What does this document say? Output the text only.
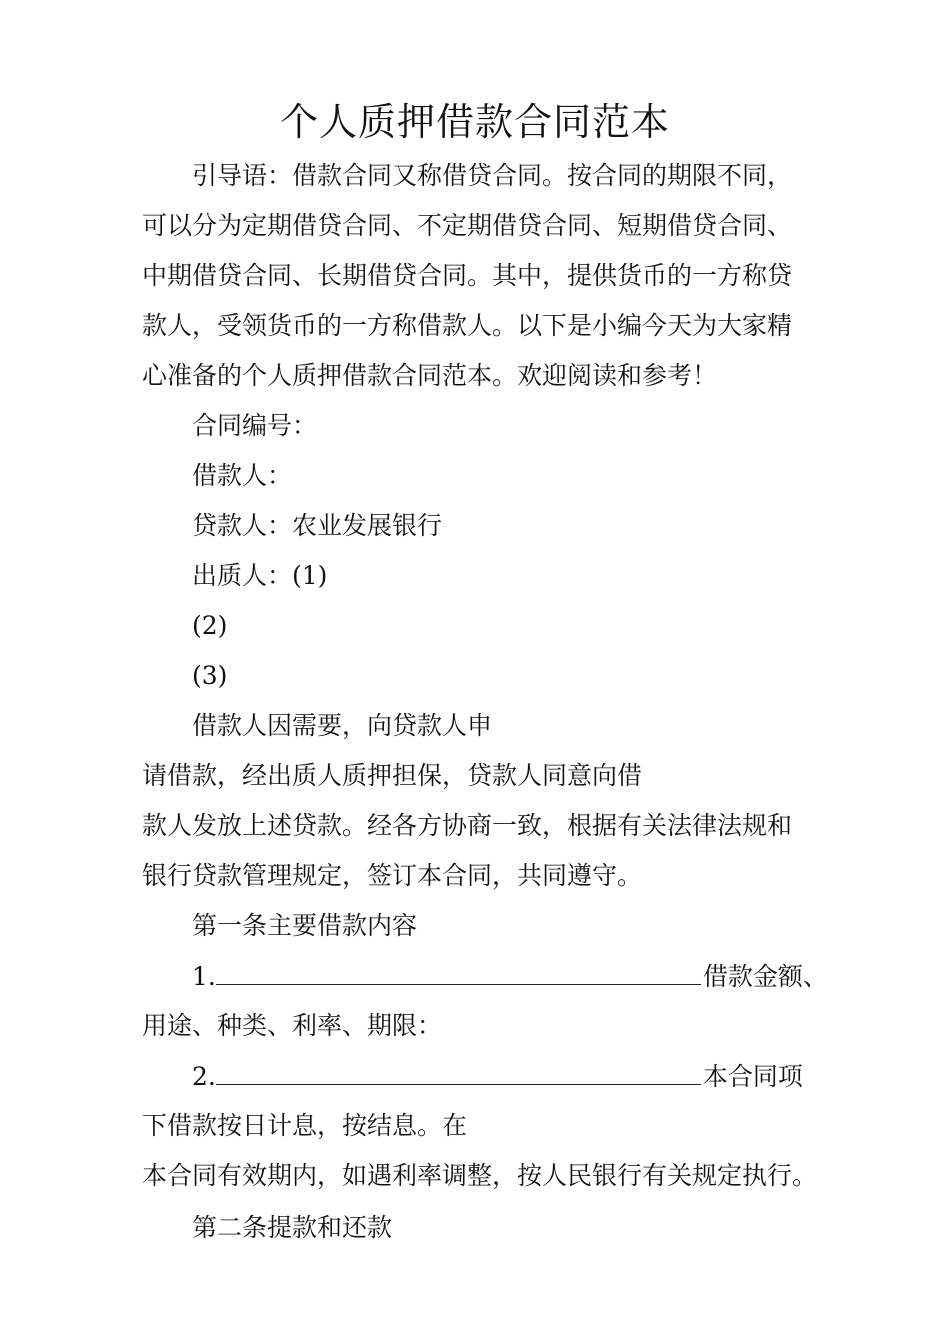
个人质押借款合同范本
引导语：借款合同又称借贷合同。按合同的期限不同，
可以分为定期借贷合同、不定期借贷合同、短期借贷合同、
中期借贷合同、长期借贷合同。其中，提供货币的一方称贷
款人，受领货币的一方称借款人。以下是小编今天为大家精
心准备的个人质押借款合同范本。欢迎阅读和参考！
合同编号：
借款人：
贷款人：农业发展银行
出质人：(1)
(2)
(3)
借款人因需要，向贷款人申
请借款，经出质人质押担保，贷款人同意向借
款人发放上述贷款。经各方协商一致，根据有关法律法规和
银行贷款管理规定，签订本合同，共同遵守。
第一条主要借款内容
1.	借款金额、
用途、种类、利率、期限：
2.	本合同项
下借款按日计息，按结息。在
本合同有效期内，如遇利率调整，按人民银行有关规定执行。
第二条提款和还款
